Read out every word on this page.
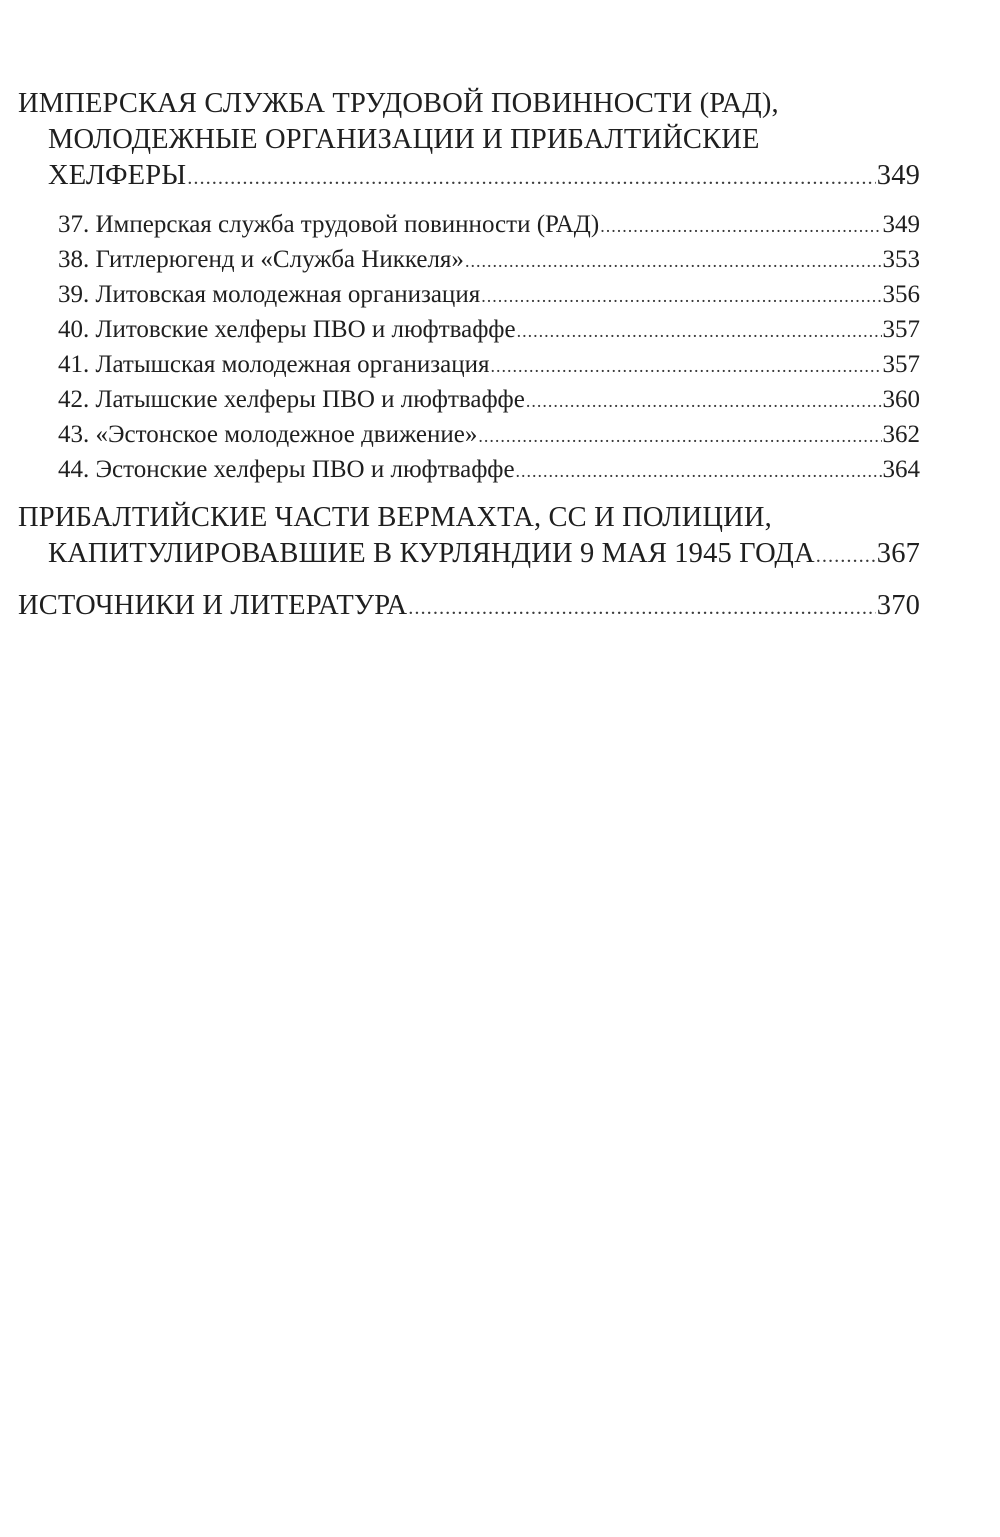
ИМПЕРСКАЯ СЛУЖБА ТРУДОВОЙ ПОВИННОСТИ (РАД),
МОЛОДЕЖНЫЕ ОРГАНИЗАЦИИ И ПРИБАЛТИЙСКИЕ
ХЕЛФЕРЫ .....	349
37. Имперская служба трудовой повинности (РАД) .....	349
38. Гитлерюгенд и «Служба Никкеля» .....	353
39. Литовская молодежная организация .....	356
40. Литовские хелферы ПВО и люфтваффе .....	357
41. Латышская молодежная организация .....	357
42. Латышские хелферы ПВО и люфтваффе .....	360
43. «Эстонское молодежное движение» .....	362
44. Эстонские хелферы ПВО и люфтваффе .....	364
ПРИБАЛТИЙСКИЕ ЧАСТИ ВЕРМАХТА, СС И ПОЛИЦИИ,
КАПИТУЛИРОВАВШИЕ В КУРЛЯНДИИ 9 МАЯ 1945 ГОДА ..... 367
ИСТОЧНИКИ И ЛИТЕРАТУРА .....	370
